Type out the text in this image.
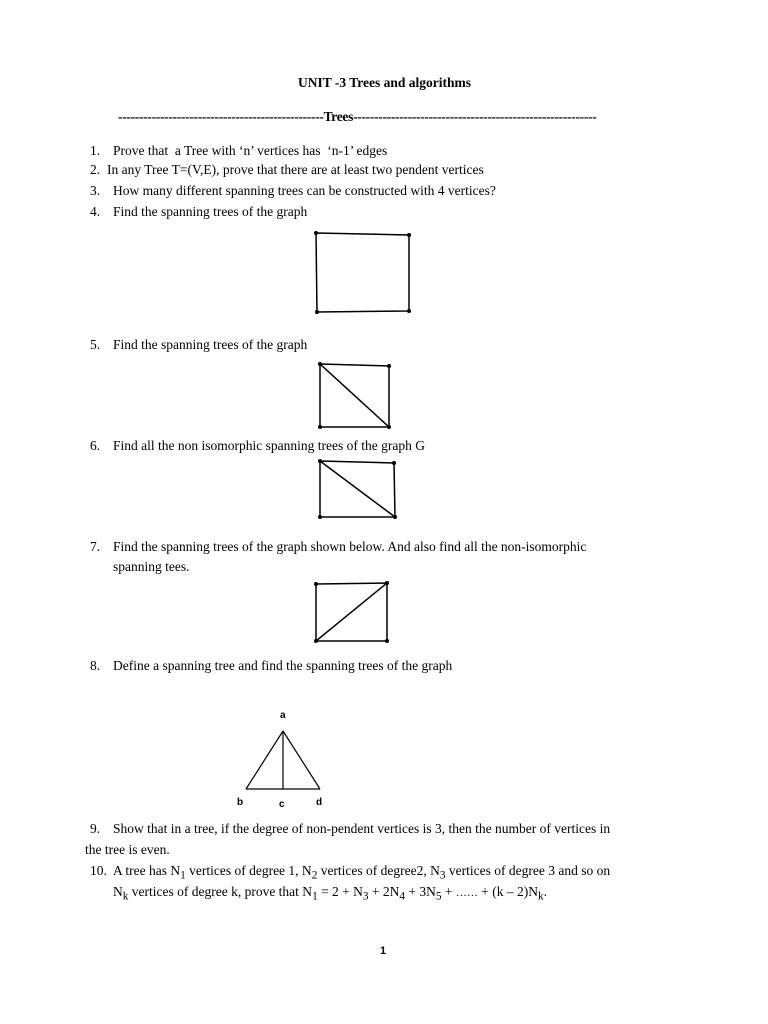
UNIT -3 Trees and algorithms
-------------------------------------------------Trees----------------------------------------------------------
1. Prove that  a Tree with ‘n’ vertices has  ‘n-1’ edges
2. In any Tree T=(V,E), prove that there are at least two pendent vertices
3. How many different spanning trees can be constructed with 4 vertices?
4. Find the spanning trees of the graph
5. Find the spanning trees of the graph
6. Find all the non isomorphic spanning trees of the graph G
7. Find the spanning trees of the graph shown below. And also find all the non-isomorphic
spanning tees.
8. Define a spanning tree and find the spanning trees of the graph
a
b	c	d
9. Show that in a tree, if the degree of non-pendent vertices is 3, then the number of vertices in
the tree is even.
10. A tree has $N_1$ vertices of degree 1, $N_2$ vertices of degree2, $N_3$ vertices of degree 3 and so on
$N_k$ vertices of degree k, prove that $N_1 = 2 + N_3 + 2N_4 + 3N_5$ + …… + $(k - 2)N_k$.
1
